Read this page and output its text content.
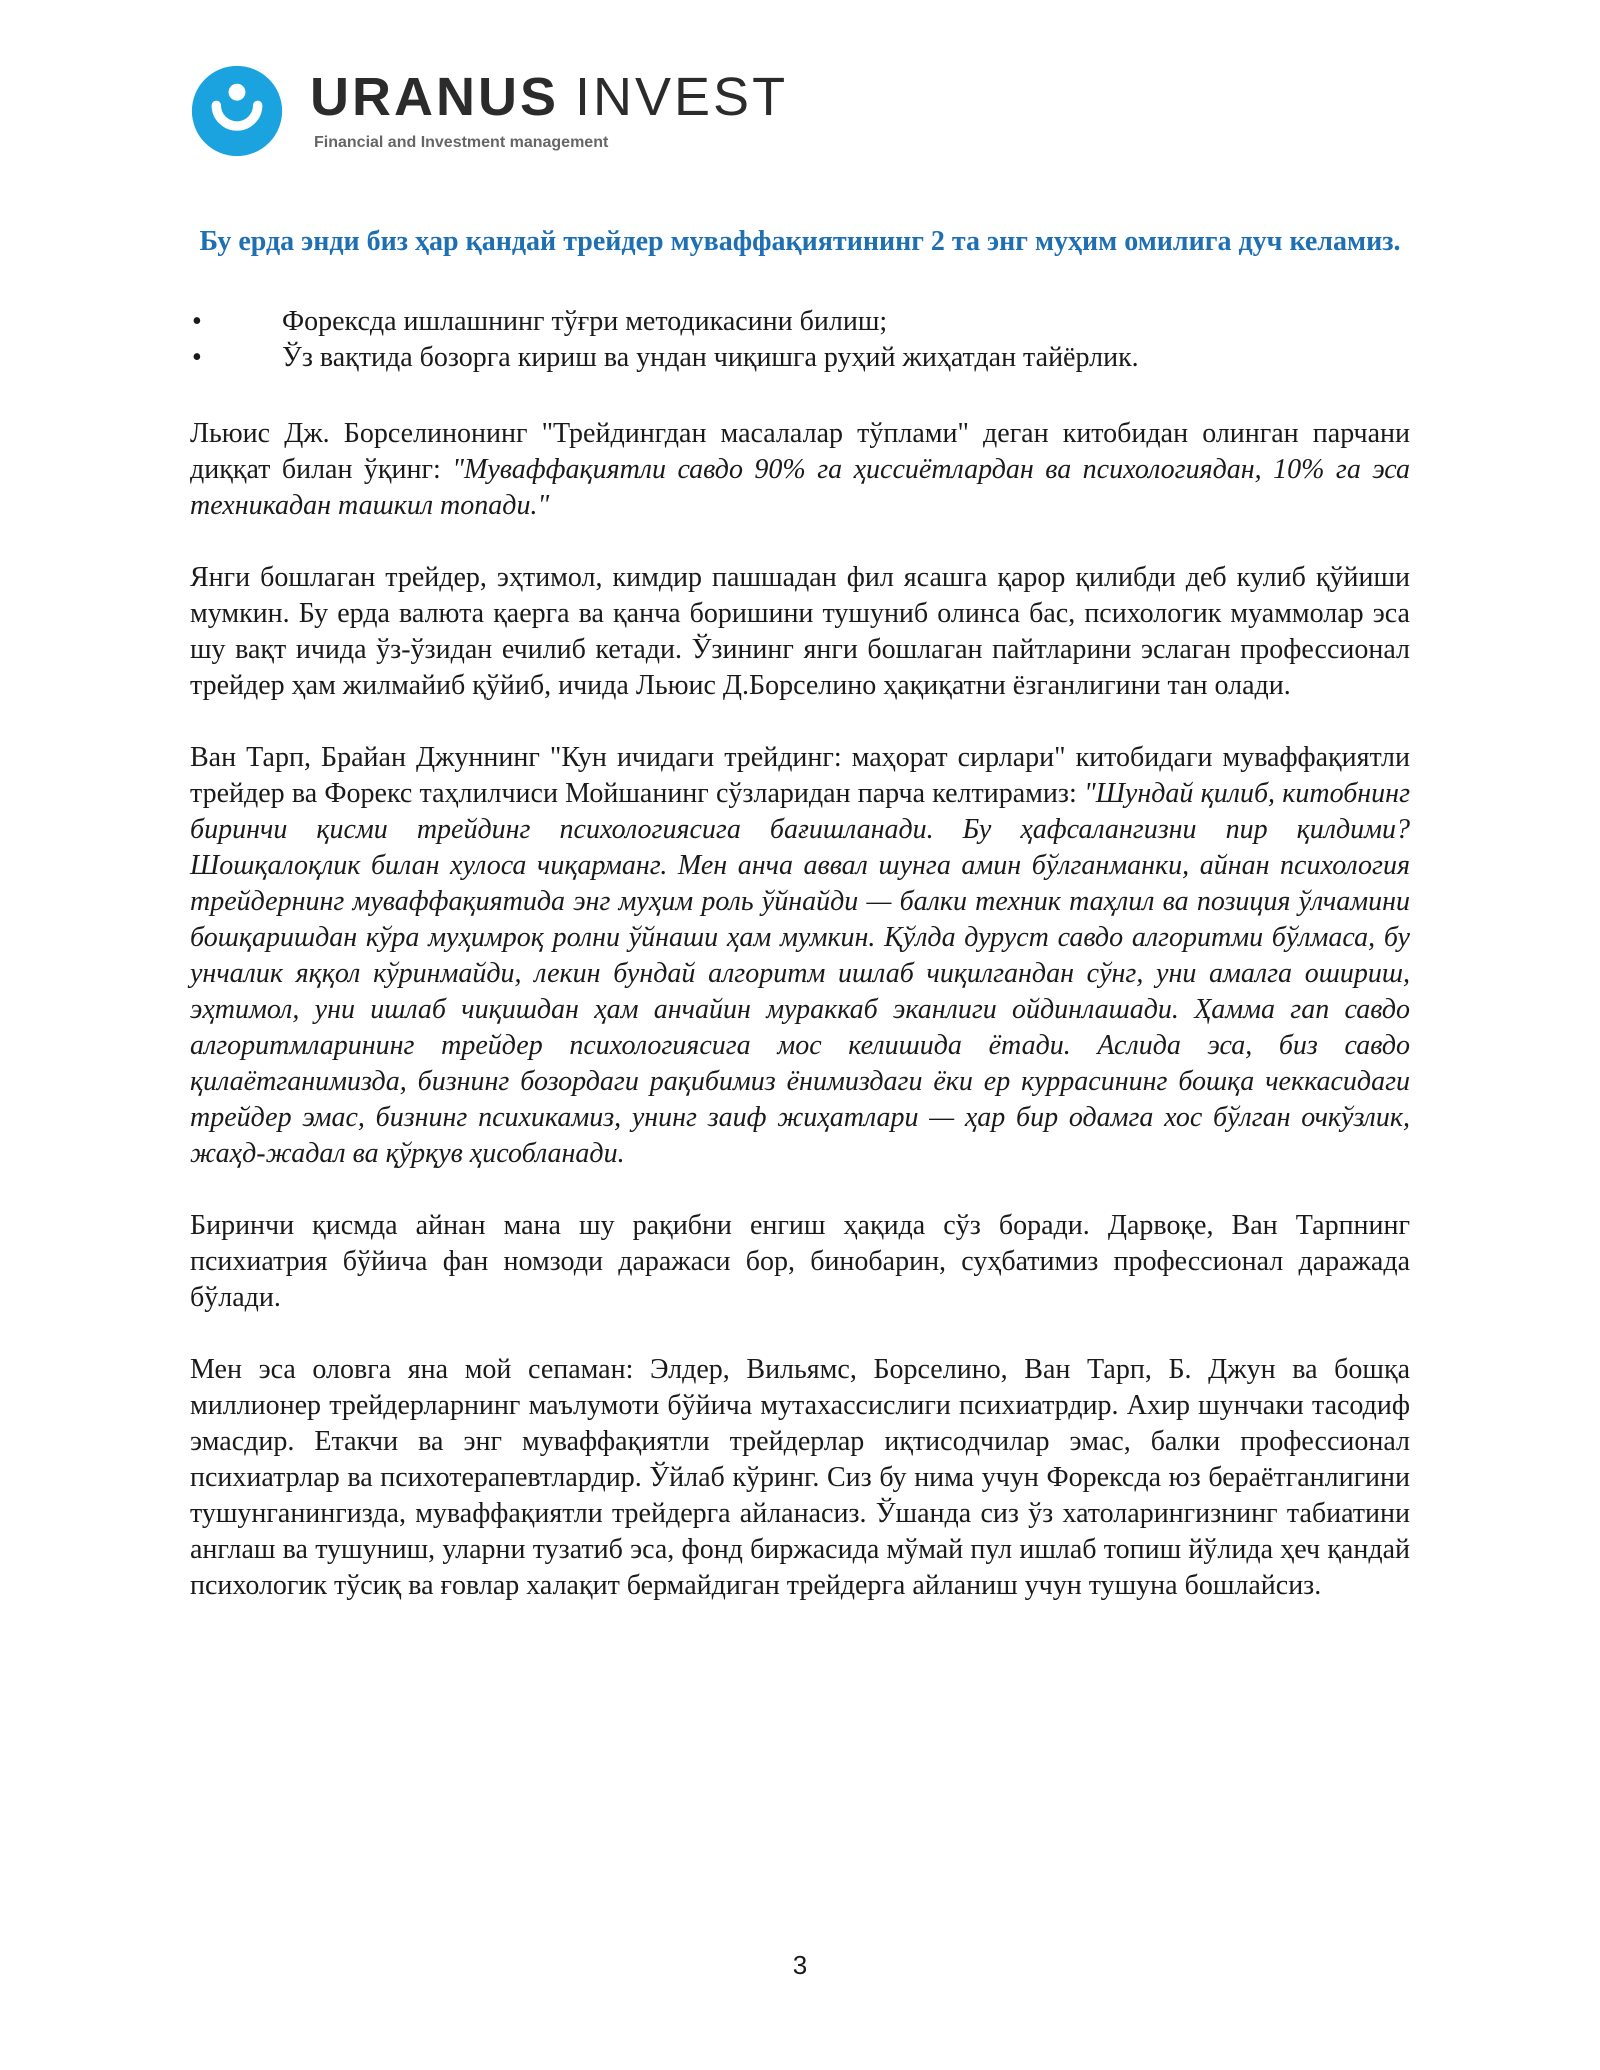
URANUS INVEST
Financial and Investment management
Бу ерда энди биз ҳар қандай трейдер муваффақиятининг 2 та энг муҳим омилига дуч келамиз.
•	Форексда ишлашнинг тўғри методикасини билиш;
•	Ўз вақтида бозорга кириш ва ундан чиқишга руҳий жиҳатдан тайёрлик.

Льюис Дж. Борселинонинг "Трейдингдан масалалар тўплами" деган китобидан олинган парчани диққат билан ўқинг: "Муваффақиятли савдо 90% га ҳиссиётлардан ва психологиядан, 10% га эса техникадан ташкил топади."

Янги бошлаган трейдер, эҳтимол, кимдир пашшадан фил ясашга қарор қилибди деб кулиб қўйиши мумкин. Бу ерда валюта қаерга ва қанча боришини тушуниб олинса бас, психологик муаммолар эса шу вақт ичида ўз-ўзидан ечилиб кетади. Ўзининг янги бошлаган пайтларини эслаган профессионал трейдер ҳам жилмайиб қўйиб, ичида Льюис Д.Борселино ҳақиқатни ёзганлигини тан олади.

Ван Тарп, Брайан Джуннинг "Кун ичидаги трейдинг: маҳорат сирлари" китобидаги муваффақиятли трейдер ва Форекс таҳлилчиси Мойшанинг сўзларидан парча келтирамиз: "Шундай қилиб, китобнинг биринчи қисми трейдинг психологиясига бағишланади. Бу ҳафсалангизни пир қилдими? Шошқалоқлик билан хулоса чиқарманг. Мен анча аввал шунга амин бўлганманки, айнан психология трейдернинг муваффақиятида энг муҳим роль ўйнайди — балки техник таҳлил ва позиция ўлчамини бошқаришдан кўра муҳимроқ ролни ўйнаши ҳам мумкин. Қўлда дуруст савдо алгоритми бўлмаса, бу унчалик яққол кўринмайди, лекин бундай алгоритм ишлаб чиқилгандан сўнг, уни амалга ошириш, эҳтимол, уни ишлаб чиқишдан ҳам анчайин мураккаб эканлиги ойдинлашади. Ҳамма гап савдо алгоритмларининг трейдер психологиясига мос келишида ётади. Аслида эса, биз савдо қилаётганимизда, бизнинг бозордаги рақибимиз ёнимиздаги ёки ер куррасининг бошқа чеккасидаги трейдер эмас, бизнинг психикамиз, унинг заиф жиҳатлари — ҳар бир одамга хос бўлган очкўзлик, жаҳд-жадал ва қўрқув ҳисобланади.

Биринчи қисмда айнан мана шу рақибни енгиш ҳақида сўз боради. Дарвоқе, Ван Тарпнинг психиатрия бўйича фан номзоди даражаси бор, бинобарин, суҳбатимиз профессионал даражада бўлади.

Мен эса оловга яна мой сепаман: Элдер, Вильямс, Борселино, Ван Тарп, Б. Джун ва бошқа миллионер трейдерларнинг маълумоти бўйича мутахассислиги психиатрдир. Ахир шунчаки тасодиф эмасдир. Етакчи ва энг муваффақиятли трейдерлар иқтисодчилар эмас, балки профессионал психиатрлар ва психотерапевтлардир. Ўйлаб кўринг. Сиз бу нима учун Форексда юз бераётганлигини тушунганингизда, муваффақиятли трейдерга айланасиз. Ўшанда сиз ўз хатоларингизнинг табиатини англаш ва тушуниш, уларни тузатиб эса, фонд биржасида мўмай пул ишлаб топиш йўлида ҳеч қандай психологик тўсиқ ва ғовлар халақит бермайдиган трейдерга айланиш учун тушуна бошлайсиз.

3
